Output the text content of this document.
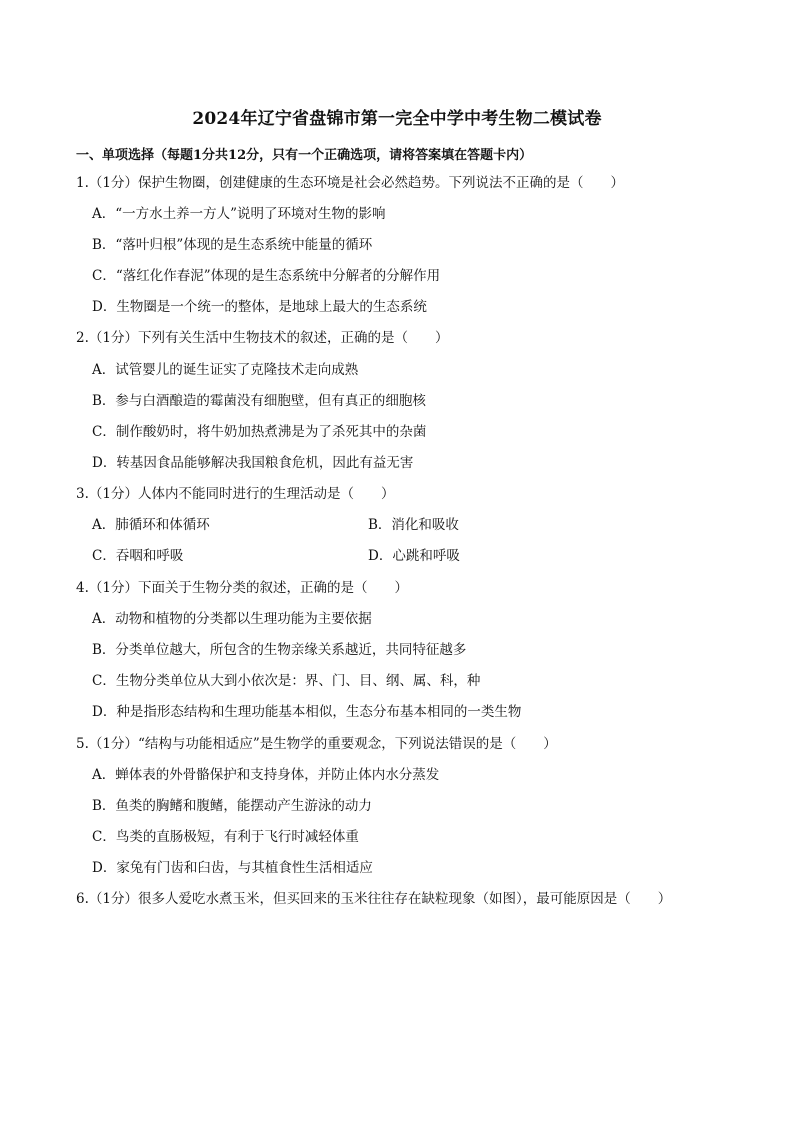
2024年辽宁省盘锦市第一完全中学中考生物二模试卷
一、单项选择（每题1分共12分，只有一个正确选项，请将答案填在答题卡内）
1.（1分）保护生物圈，创建健康的生态环境是社会必然趋势。下列说法不正确的是（　　）
A．“一方水土养一方人”说明了环境对生物的影响
B．“落叶归根”体现的是生态系统中能量的循环
C．“落红化作春泥”体现的是生态系统中分解者的分解作用
D．生物圈是一个统一的整体，是地球上最大的生态系统
2.（1分）下列有关生活中生物技术的叙述，正确的是（　　）
A．试管婴儿的诞生证实了克隆技术走向成熟
B．参与白酒酿造的霉菌没有细胞壁，但有真正的细胞核
C．制作酸奶时，将牛奶加热煮沸是为了杀死其中的杂菌
D．转基因食品能够解决我国粮食危机，因此有益无害
3.（1分）人体内不能同时进行的生理活动是（　　）
A．肺循环和体循环	B．消化和吸收
C．吞咽和呼吸	D．心跳和呼吸
4.（1分）下面关于生物分类的叙述，正确的是（　　）
A．动物和植物的分类都以生理功能为主要依据
B．分类单位越大，所包含的生物亲缘关系越近，共同特征越多
C．生物分类单位从大到小依次是：界、门、目、纲、属、科，种
D．种是指形态结构和生理功能基本相似，生态分布基本相同的一类生物
5.（1分）“结构与功能相适应”是生物学的重要观念，下列说法错误的是（　　）
A．蝉体表的外骨骼保护和支持身体，并防止体内水分蒸发
B．鱼类的胸鳍和腹鳍，能摆动产生游泳的动力
C．鸟类的直肠极短，有利于飞行时减轻体重
D．家兔有门齿和臼齿，与其植食性生活相适应
6.（1分）很多人爱吃水煮玉米，但买回来的玉米往往存在缺粒现象（如图），最可能原因是（　　）
